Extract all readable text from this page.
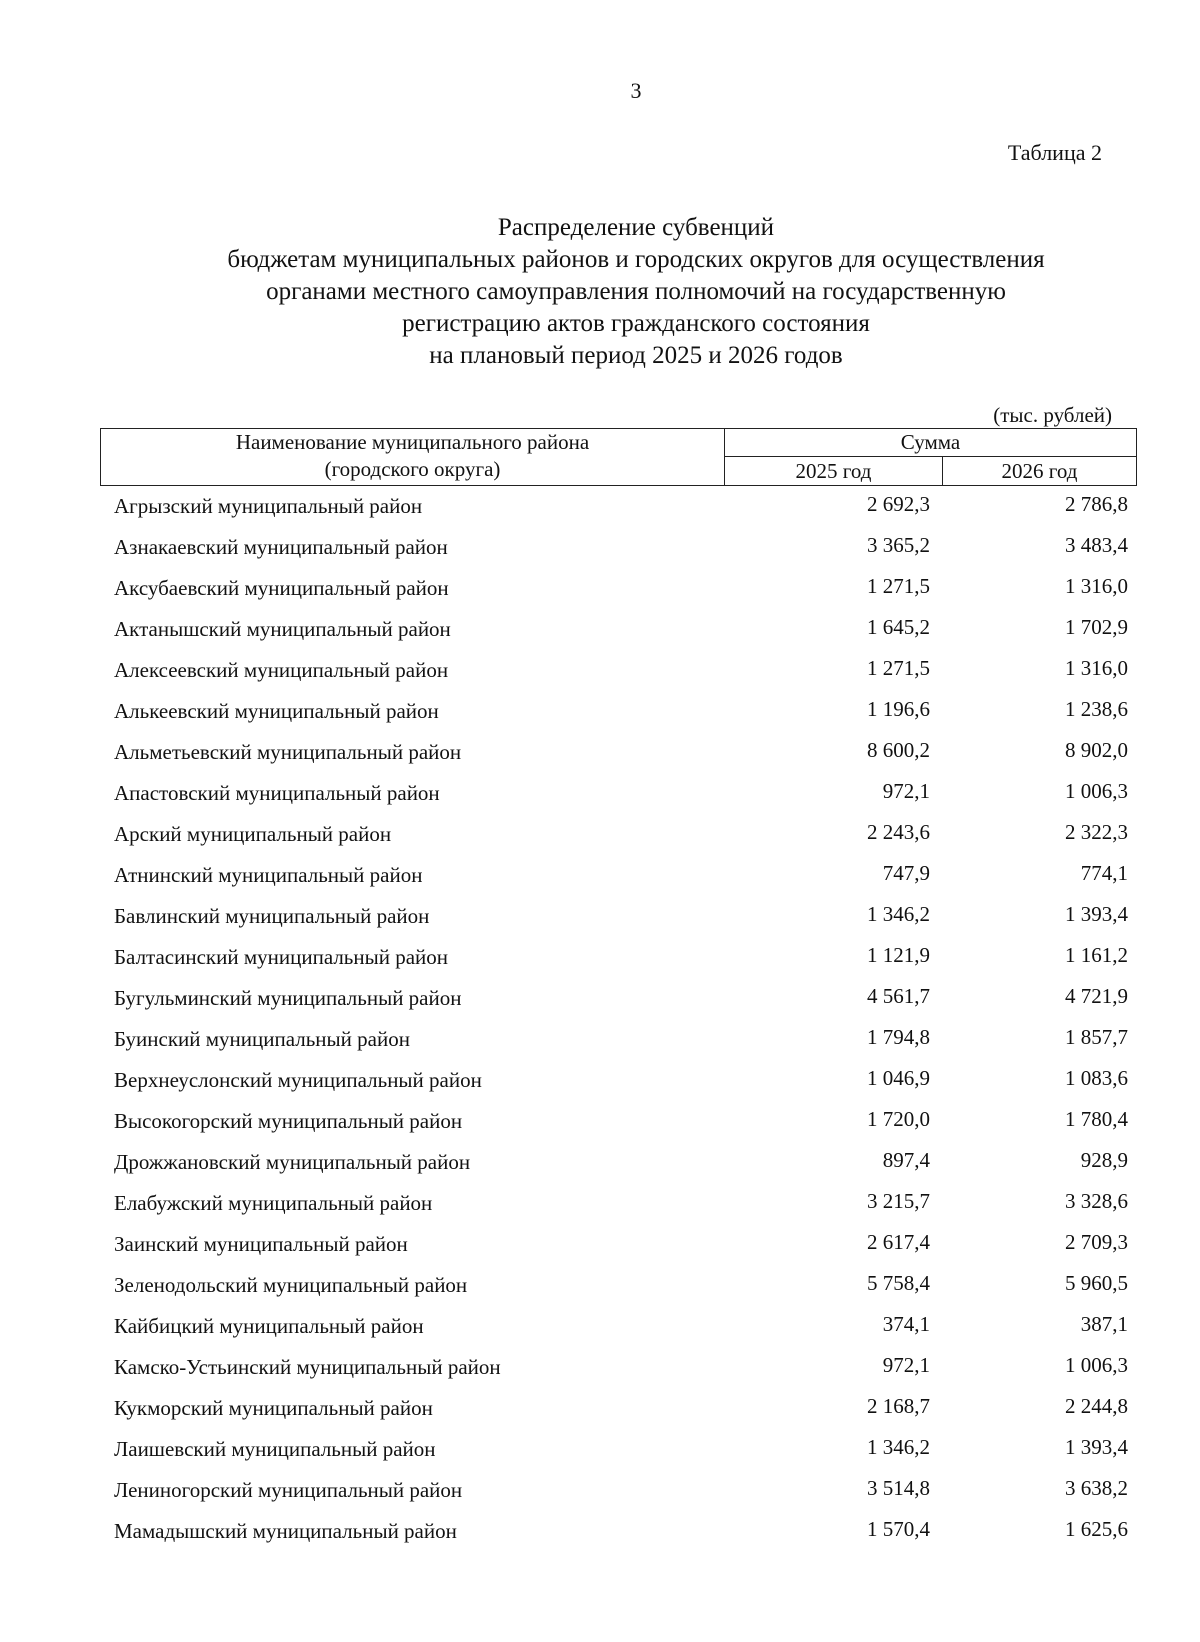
3
Таблица 2
Распределение субвенций
бюджетам муниципальных районов и городских округов для осуществления
органами местного самоуправления полномочий на государственную
регистрацию актов гражданского состояния
на плановый период 2025 и 2026 годов
(тыс. рублей)
Наименование муниципального района
(городского округа)
Сумма
2025 год	2026 год
Агрызский муниципальный район	2 692,3	2 786,8
Азнакаевский муниципальный район	3 365,2	3 483,4
Аксубаевский муниципальный район	1 271,5	1 316,0
Актанышский муниципальный район	1 645,2	1 702,9
Алексеевский муниципальный район	1 271,5	1 316,0
Алькеевский муниципальный район	1 196,6	1 238,6
Альметьевский муниципальный район	8 600,2	8 902,0
Апастовский муниципальный район	972,1	1 006,3
Арский муниципальный район	2 243,6	2 322,3
Атнинский муниципальный район	747,9	774,1
Бавлинский муниципальный район	1 346,2	1 393,4
Балтасинский муниципальный район	1 121,9	1 161,2
Бугульминский муниципальный район	4 561,7	4 721,9
Буинский муниципальный район	1 794,8	1 857,7
Верхнеуслонский муниципальный район	1 046,9	1 083,6
Высокогорский муниципальный район	1 720,0	1 780,4
Дрожжановский муниципальный район	897,4	928,9
Елабужский муниципальный район	3 215,7	3 328,6
Заинский муниципальный район	2 617,4	2 709,3
Зеленодольский муниципальный район	5 758,4	5 960,5
Кайбицкий муниципальный район	374,1	387,1
Камско-Устьинский муниципальный район	972,1	1 006,3
Кукморский муниципальный район	2 168,7	2 244,8
Лаишевский муниципальный район	1 346,2	1 393,4
Лениногорский муниципальный район	3 514,8	3 638,2
Мамадышский муниципальный район	1 570,4	1 625,6
